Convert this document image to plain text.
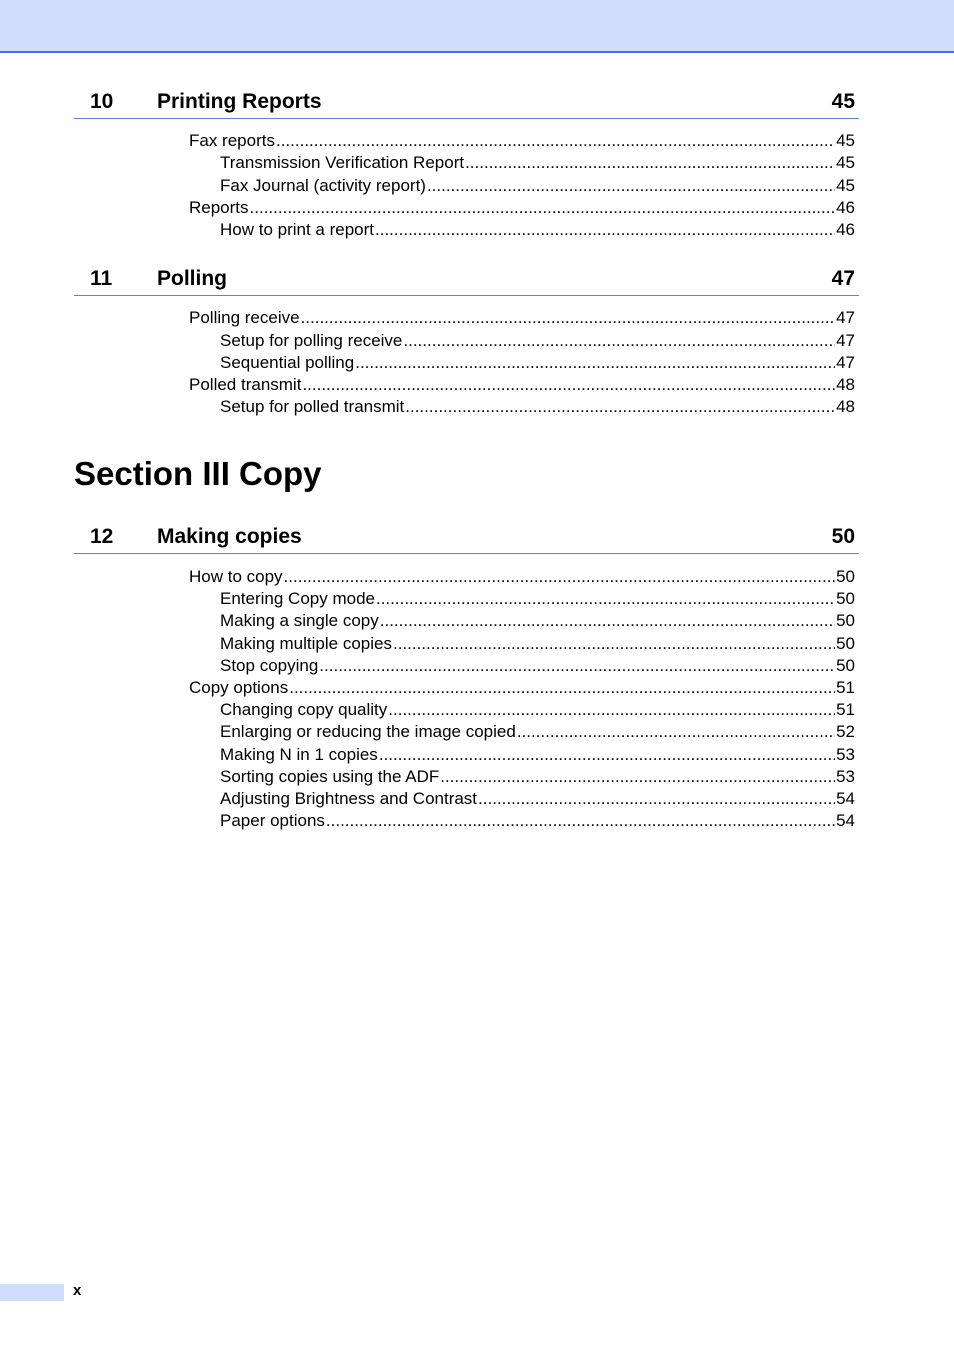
10 Printing Reports	45
Fax reports .....	45
Transmission Verification Report .....	45
Fax Journal (activity report) .....	45
Reports .....	46
How to print a report .....	46
11 Polling	47
Polling receive .....	47
Setup for polling receive .....	47
Sequential polling .....	47
Polled transmit .....	48
Setup for polled transmit .....	48
Section III Copy
12 Making copies	50
How to copy .....	50
Entering Copy mode .....	50
Making a single copy .....	50
Making multiple copies .....	50
Stop copying .....	50
Copy options .....	51
Changing copy quality .....	51
Enlarging or reducing the image copied .....	52
Making N in 1 copies .....	53
Sorting copies using the ADF .....	53
Adjusting Brightness and Contrast .....	54
Paper options .....	54
x
